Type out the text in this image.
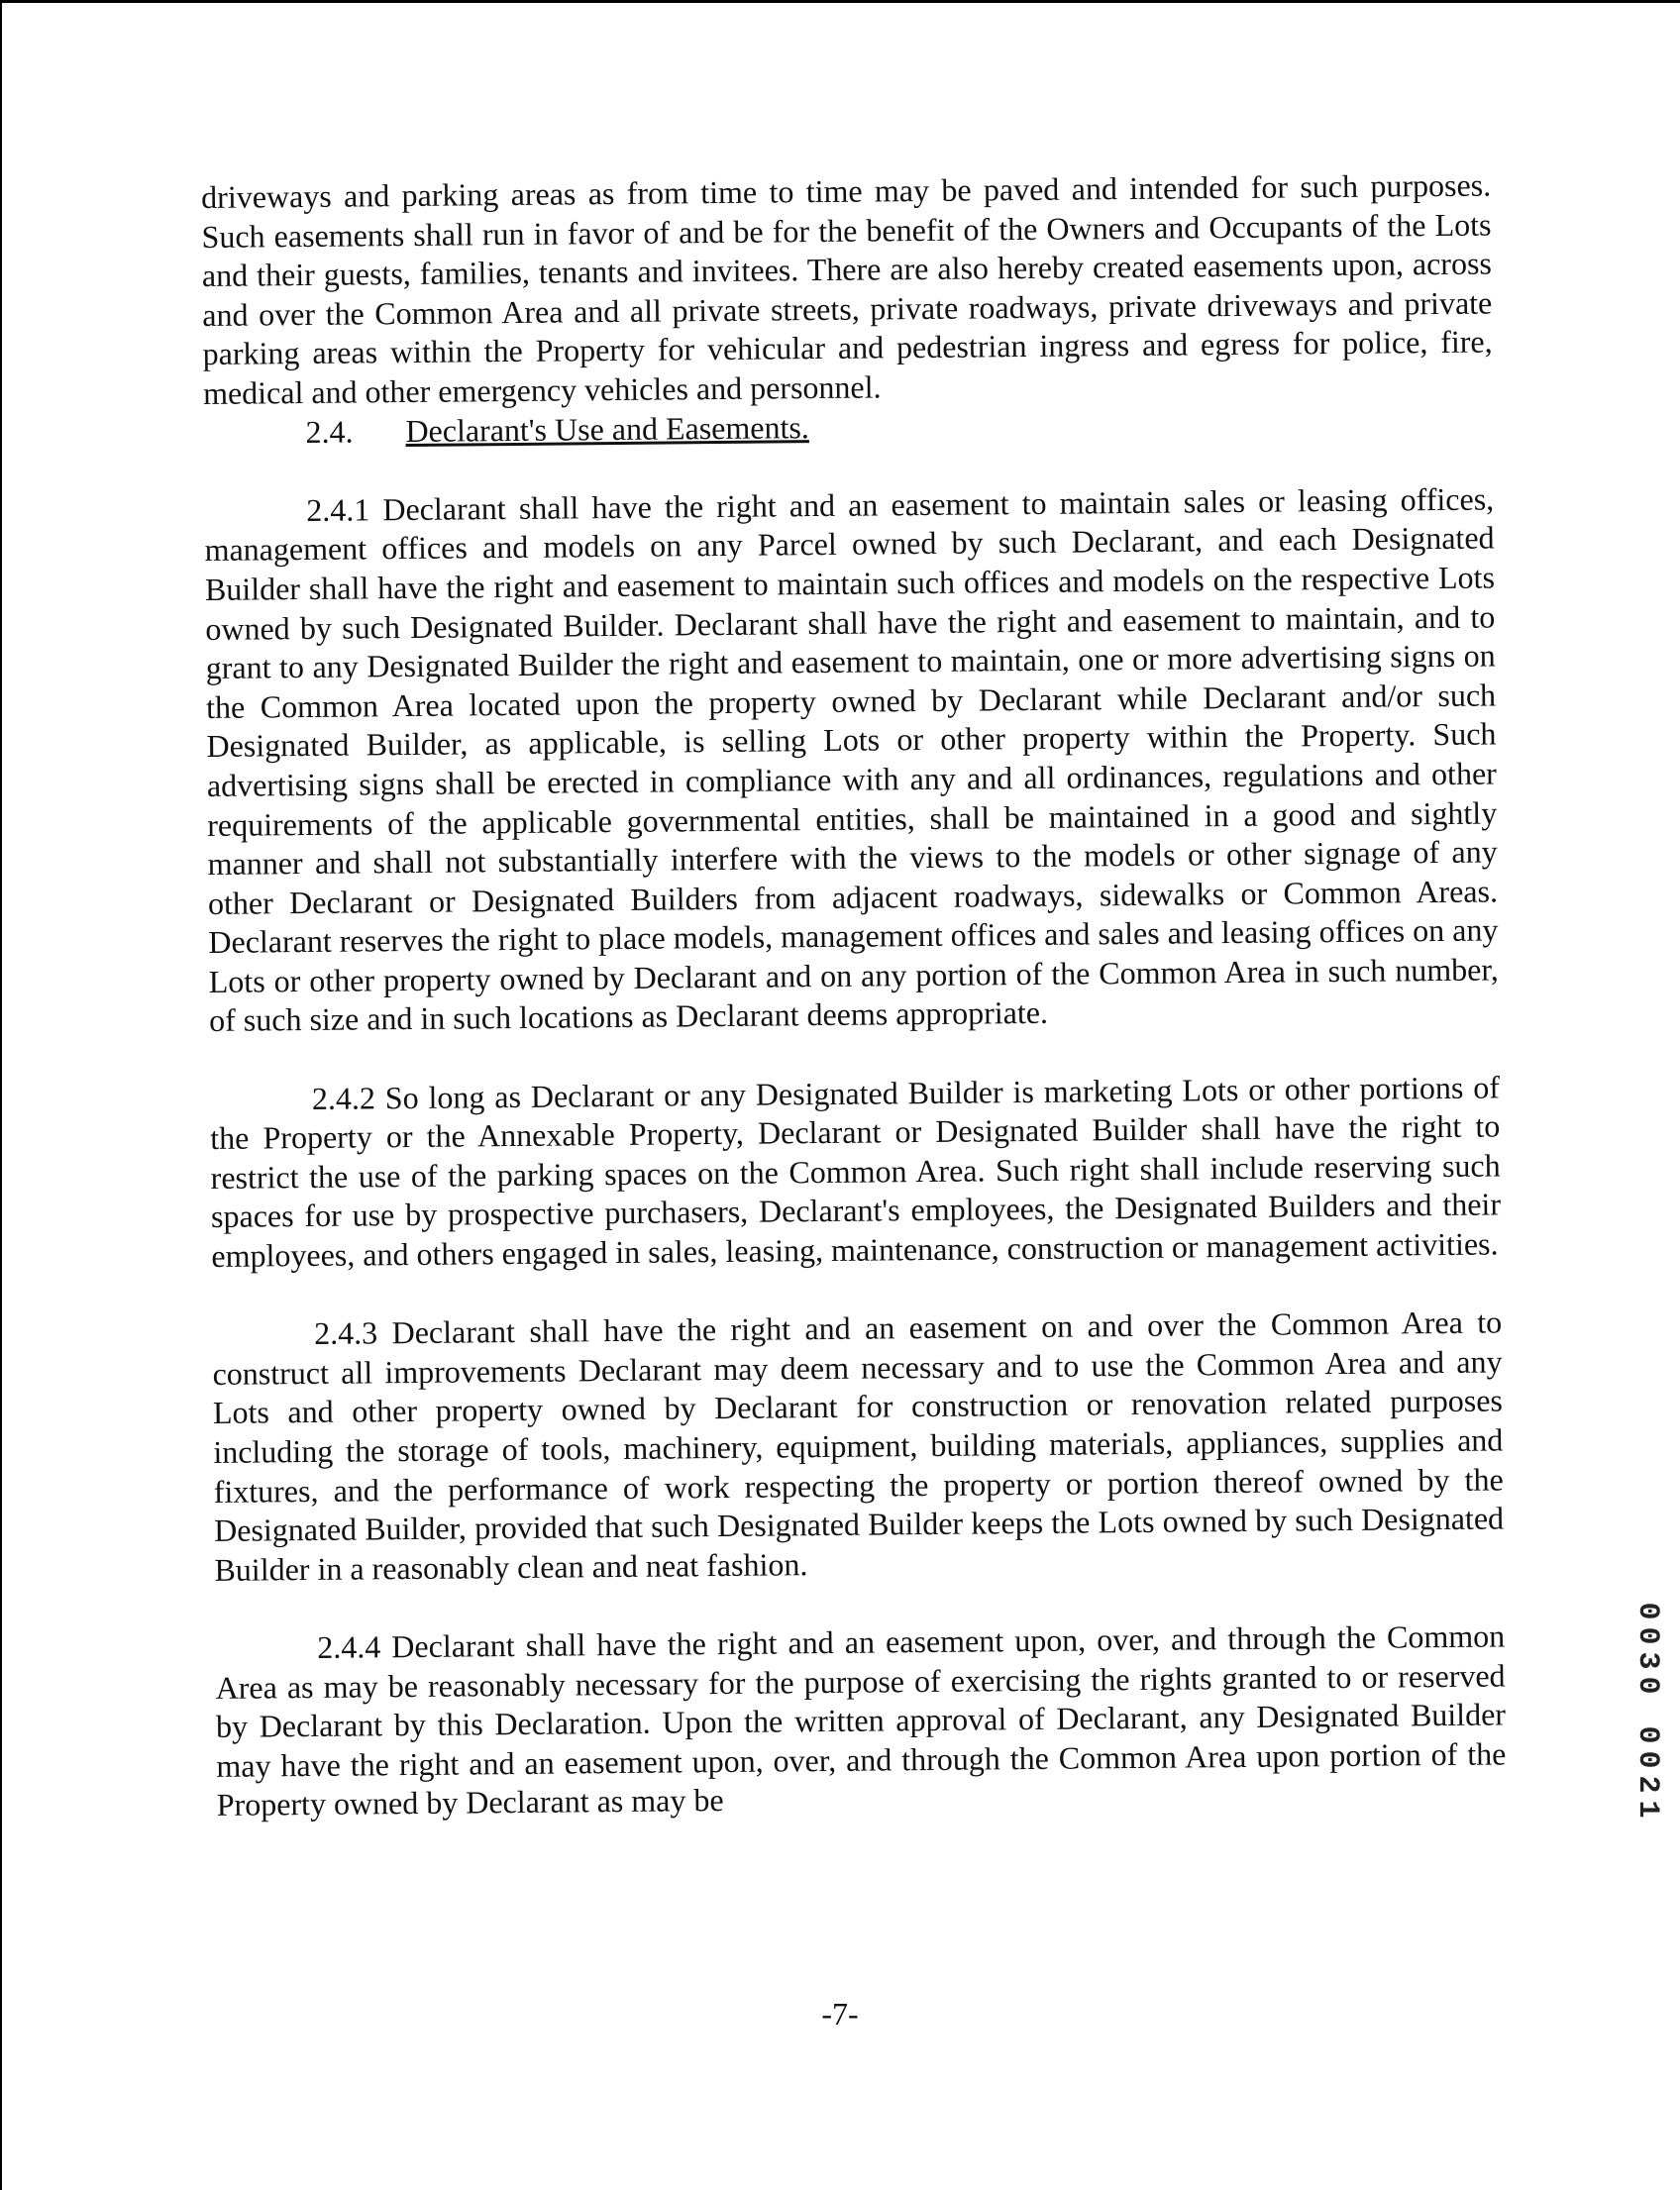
driveways and parking areas as from time to time may be paved and intended for such purposes. Such easements shall run in favor of and be for the benefit of the Owners and Occupants of the Lots and their guests, families, tenants and invitees. There are also hereby created easements upon, across and over the Common Area and all private streets, private roadways, private driveways and private parking areas within the Property for vehicular and pedestrian ingress and egress for police, fire, medical and other emergency vehicles and personnel.

2.4. Declarant's Use and Easements.

2.4.1 Declarant shall have the right and an easement to maintain sales or leasing offices, management offices and models on any Parcel owned by such Declarant, and each Designated Builder shall have the right and easement to maintain such offices and models on the respective Lots owned by such Designated Builder. Declarant shall have the right and easement to maintain, and to grant to any Designated Builder the right and easement to maintain, one or more advertising signs on the Common Area located upon the property owned by Declarant while Declarant and/or such Designated Builder, as applicable, is selling Lots or other property within the Property. Such advertising signs shall be erected in compliance with any and all ordinances, regulations and other requirements of the applicable governmental entities, shall be maintained in a good and sightly manner and shall not substantially interfere with the views to the models or other signage of any other Declarant or Designated Builders from adjacent roadways, sidewalks or Common Areas. Declarant reserves the right to place models, management offices and sales and leasing offices on any Lots or other property owned by Declarant and on any portion of the Common Area in such number, of such size and in such locations as Declarant deems appropriate.

2.4.2 So long as Declarant or any Designated Builder is marketing Lots or other portions of the Property or the Annexable Property, Declarant or Designated Builder shall have the right to restrict the use of the parking spaces on the Common Area. Such right shall include reserving such spaces for use by prospective purchasers, Declarant's employees, the Designated Builders and their employees, and others engaged in sales, leasing, maintenance, construction or management activities.

2.4.3 Declarant shall have the right and an easement on and over the Common Area to construct all improvements Declarant may deem necessary and to use the Common Area and any Lots and other property owned by Declarant for construction or renovation related purposes including the storage of tools, machinery, equipment, building materials, appliances, supplies and fixtures, and the performance of work respecting the property or portion thereof owned by the Designated Builder, provided that such Designated Builder keeps the Lots owned by such Designated Builder in a reasonably clean and neat fashion.

2.4.4 Declarant shall have the right and an easement upon, over, and through the Common Area as may be reasonably necessary for the purpose of exercising the rights granted to or reserved by Declarant by this Declaration. Upon the written approval of Declarant, any Designated Builder may have the right and an easement upon, over, and through the Common Area upon portion of the Property owned by Declarant as may be

-7-
0030 0021
